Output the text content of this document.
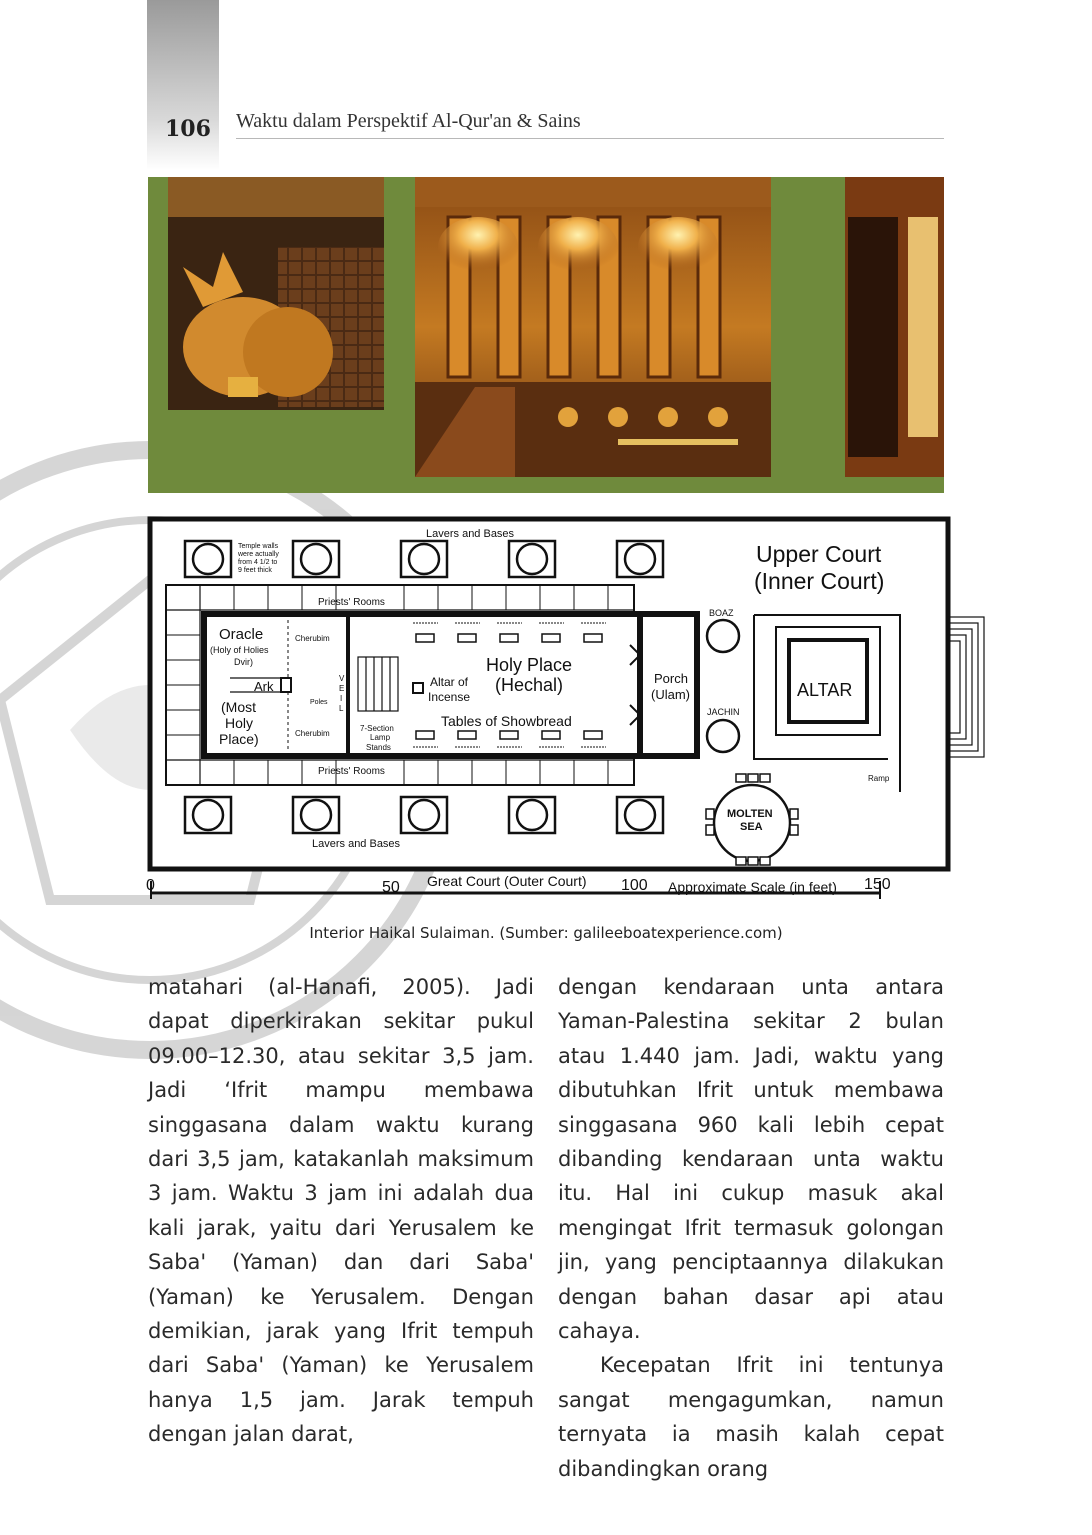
106 Waktu dalam Perspektif Al-Qur'an & Sains
Lavers and Bases
Temple walls
were actually
from 4 1/2 to
9 feet thick
Upper Court
(Inner Court)
Priests' Rooms
Priests' Rooms
Oracle
(Holy of Holies
Dvir)
Cherubim
Cherubim
Ark
Poles
(Most
Holy
Place)
V
E
I
L
Holy Place
(Hechal)
Altar of
Incense
Tables of Showbread
7-Section
Lamp
Stands
Porch
(Ulam)
BOAZ
JACHIN
ALTAR
Ramp
MOLTEN
SEA
Lavers and Bases
Great Court (Outer Court)	Approximate Scale (in feet)
0	50	100	150
Interior Haikal Sulaiman. (Sumber: galileeboatexperience.com)

matahari (al-Hanafi, 2005). Jadi dapat diperkirakan sekitar pukul 09.00–12.30, atau sekitar 3,5 jam. Jadi ‘Ifrit mampu membawa singgasana dalam waktu kurang dari 3,5 jam, katakanlah maksimum 3 jam. Waktu 3 jam ini adalah dua kali jarak, yaitu dari Yerusalem ke Saba' (Yaman) dan dari Saba' (Yaman) ke Yerusalem. Dengan demikian, jarak yang Ifrit tempuh dari Saba' (Yaman) ke Yerusalem hanya 1,5 jam. Jarak tempuh dengan jalan darat,

dengan kendaraan unta antara Yaman-Palestina sekitar 2 bulan atau 1.440 jam. Jadi, waktu yang dibutuhkan Ifrit untuk membawa singgasana 960 kali lebih cepat dibanding kendaraan unta waktu itu. Hal ini cukup masuk akal mengingat Ifrit termasuk golongan jin, yang penciptaannya dilakukan dengan bahan dasar api atau cahaya.

Kecepatan Ifrit ini tentunya sangat mengagumkan, namun ternyata ia masih kalah cepat dibandingkan orang
